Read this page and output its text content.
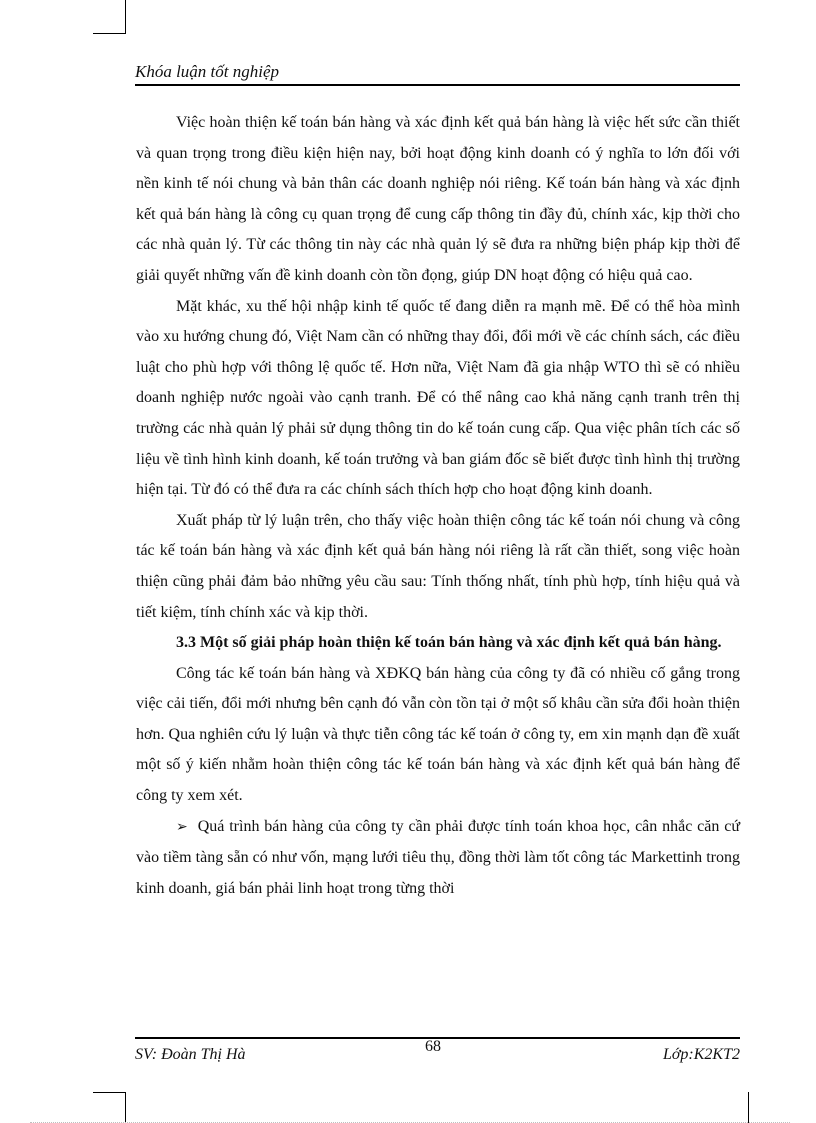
Khóa luận tốt nghiệp

Việc hoàn thiện kế toán bán hàng và xác định kết quả bán hàng là việc hết sức cần thiết và quan trọng trong điều kiện hiện nay, bởi hoạt động kinh doanh có ý nghĩa to lớn đối với nền kinh tế nói chung và bản thân các doanh nghiệp nói riêng. Kế toán bán hàng và xác định kết quả bán hàng là công cụ quan trọng để cung cấp thông tin đầy đủ, chính xác, kịp thời cho các nhà quản lý. Từ các thông tin này các nhà quản lý sẽ đưa ra những biện pháp kịp thời để giải quyết những vấn đề kinh doanh còn tồn đọng, giúp DN hoạt động có hiệu quả cao.

Mặt khác, xu thế hội nhập kinh tế quốc tế đang diễn ra mạnh mẽ. Để có thể hòa mình vào xu hướng chung đó, Việt Nam cần có những thay đổi, đổi mới về các chính sách, các điều luật cho phù hợp với thông lệ quốc tế. Hơn nữa, Việt Nam đã gia nhập WTO thì sẽ có nhiều doanh nghiệp nước ngoài vào cạnh tranh. Để có thể nâng cao khả năng cạnh tranh trên thị trường các nhà quản lý phải sử dụng thông tin do kế toán cung cấp. Qua việc phân tích các số liệu về tình hình kinh doanh, kế toán trưởng và ban giám đốc sẽ biết được tình hình thị trường hiện tại. Từ đó có thể đưa ra các chính sách thích hợp cho hoạt động kinh doanh.

Xuất pháp từ lý luận trên, cho thấy việc hoàn thiện công tác kế toán nói chung và công tác kế toán bán hàng và xác định kết quả bán hàng nói riêng là rất cần thiết, song việc hoàn thiện cũng phải đảm bảo những yêu cầu sau: Tính thống nhất, tính phù hợp, tính hiệu quả và tiết kiệm, tính chính xác và kịp thời.

3.3 Một số giải pháp hoàn thiện kế toán bán hàng và xác định kết quả bán hàng.

Công tác kế toán bán hàng và XĐKQ bán hàng của công ty đã có nhiều cố gắng trong việc cải tiến, đổi mới nhưng bên cạnh đó vẫn còn tồn tại ở một số khâu cần sửa đổi hoàn thiện hơn. Qua nghiên cứu lý luận và thực tiễn công tác kế toán ở công ty, em xin mạnh dạn đề xuất một số ý kiến nhằm hoàn thiện công tác kế toán bán hàng và xác định kết quả bán hàng để công ty xem xét.

➢ Quá trình bán hàng của công ty cần phải được tính toán khoa học, cân nhắc căn cứ vào tiềm tàng sẵn có như vốn, mạng lưới tiêu thụ, đồng thời làm tốt công tác Markettinh trong kinh doanh, giá bán phải linh hoạt trong từng thời

SV: Đoàn Thị Hà	68	Lớp:K2KT2
